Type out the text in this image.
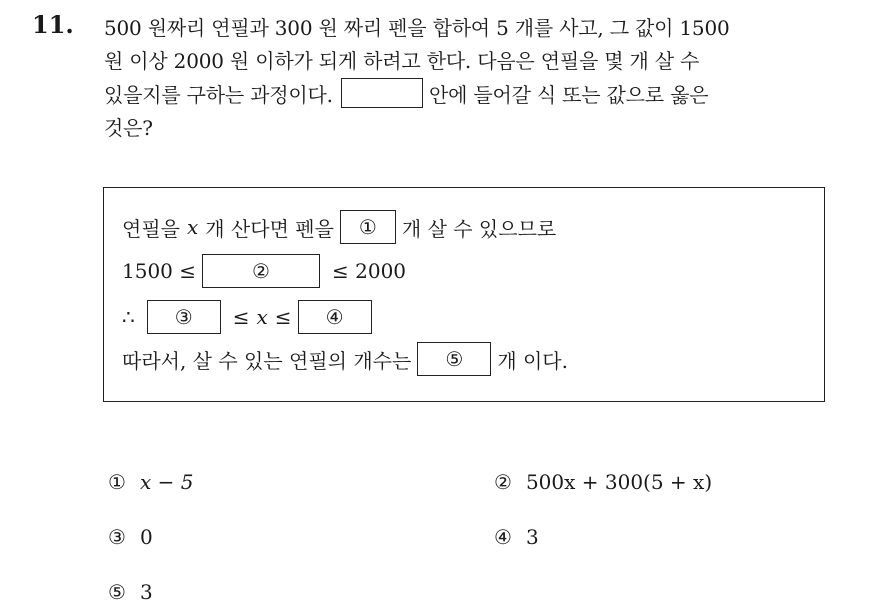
11. 500 원짜리 연필과 300 원 짜리 펜을 합하여 5 개를 사고, 그 값이 1500
원 이상 2000 원 이하가 되게 하려고 한다. 다음은 연필을 몇 개 살 수
있을지를 구하는 과정이다.	안에 들어갈 식 또는 값으로 옳은
것은?
연필을 x 개 산다면 펜을	①	개 살 수 있으므로
1500 ≤	②	≤ 2000
∴	③	≤ x ≤	④
따라서, 살 수 있는 연필의 개수는	⑤	개 이다.
① x − 5	② 500x + 300(5 + x)
③ 0	④ 3
⑤ 3
